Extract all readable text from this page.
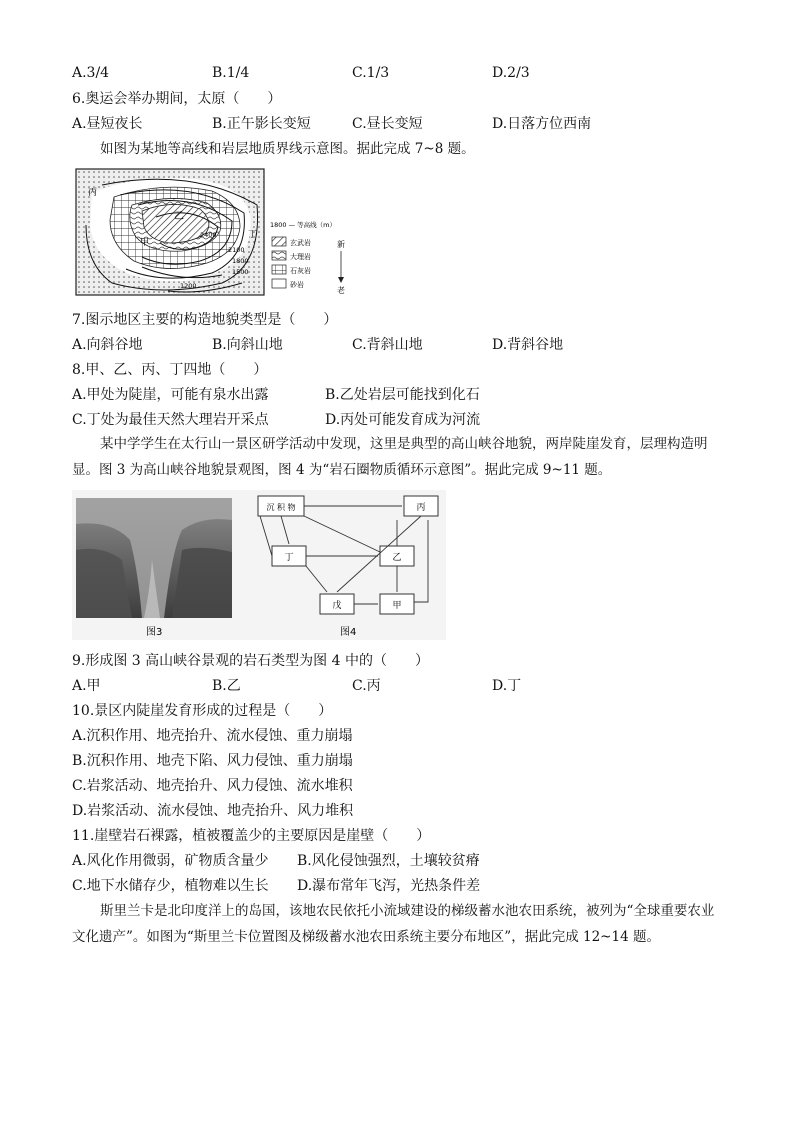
A.3/4	B.1/4	C.1/3	D.2/3
6.奥运会举办期间，太原（　　）
A.昼短夜长	B.正午影长变短	C.昼长变短	D.日落方位西南
如图为某地等高线和岩层地质界线示意图。据此完成 7~8 题。
丙
乙
甲
丁
2400
2100
1800
1500
1200
1800 — 等高线（m）
玄武岩
大理岩
石灰岩
砂岩
新
老
7.图示地区主要的构造地貌类型是（　　）
A.向斜谷地	B.向斜山地	C.背斜山地	D.背斜谷地
8.甲、乙、丙、丁四地（　　）
A.甲处为陡崖，可能有泉水出露	B.乙处岩层可能找到化石
C.丁处为最佳天然大理岩开采点	D.丙处可能发育成为河流
某中学学生在太行山一景区研学活动中发现，这里是典型的高山峡谷地貌，两岸陡崖发育，层理构造明显。图 3 为高山峡谷地貌景观图，图 4 为“岩石圈物质循环示意图”。据此完成 9~11 题。
图3
沉 积 物	丙
丁	乙
戊	甲
图4
9.形成图 3 高山峡谷景观的岩石类型为图 4 中的（　　）
A.甲	B.乙	C.丙	D.丁
10.景区内陡崖发育形成的过程是（　　）
A.沉积作用、地壳抬升、流水侵蚀、重力崩塌
B.沉积作用、地壳下陷、风力侵蚀、重力崩塌
C.岩浆活动、地壳抬升、风力侵蚀、流水堆积
D.岩浆活动、流水侵蚀、地壳抬升、风力堆积
11.崖壁岩石裸露，植被覆盖少的主要原因是崖壁（　　）
A.风化作用微弱，矿物质含量少 B.风化侵蚀强烈，土壤较贫瘠
C.地下水储存少，植物难以生长 D.瀑布常年飞泻，光热条件差
斯里兰卡是北印度洋上的岛国，该地农民依托小流域建设的梯级蓄水池农田系统，被列为“全球重要农业文化遗产”。如图为“斯里兰卡位置图及梯级蓄水池农田系统主要分布地区”，据此完成 12~14 题。
